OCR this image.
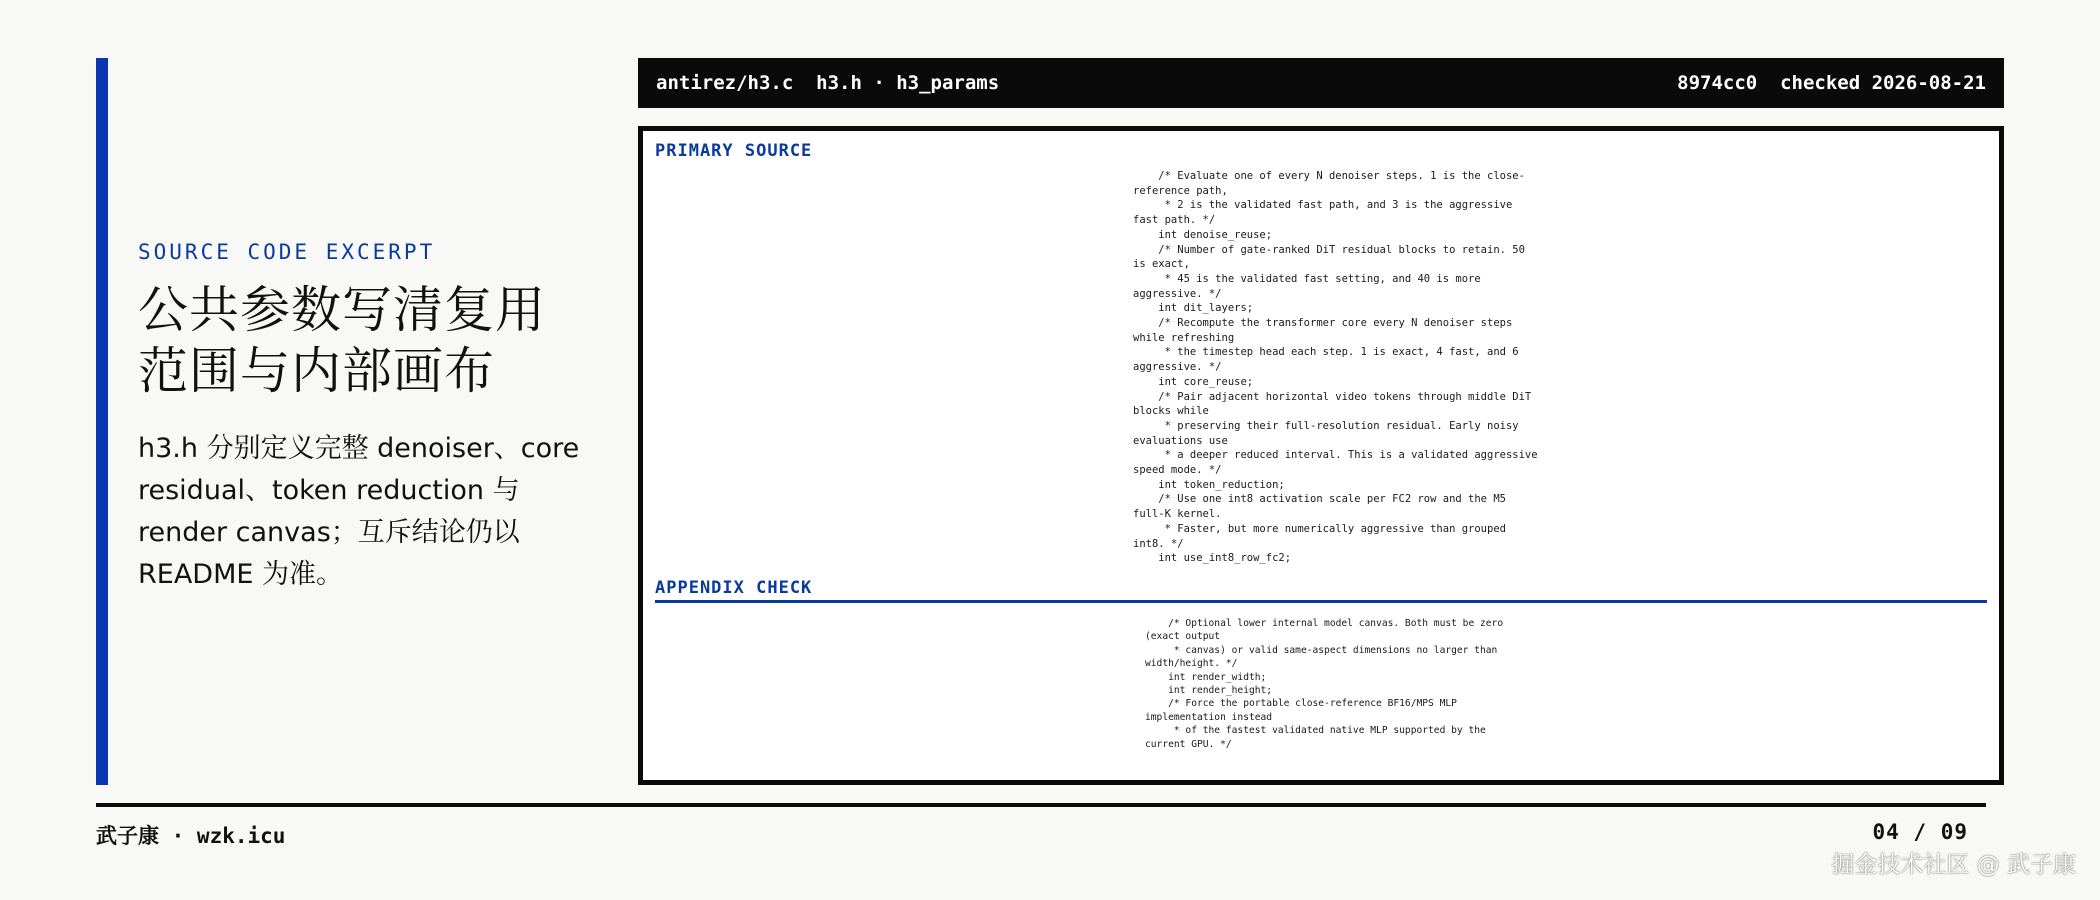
SOURCE CODE EXCERPT
公共参数写清复用
范围与内部画布
h3.h 分别定义完整 denoiser、core residual、token reduction 与 render canvas；互斥结论仍以 README 为准。
antirez/h3.c  h3.h · h3_params	8974cc0  checked 2026-08-21
PRIMARY SOURCE
/* Evaluate one of every N denoiser steps. 1 is the close-
reference path,
* 2 is the validated fast path, and 3 is the aggressive
fast path. */
int denoise_reuse;
/* Number of gate-ranked DiT residual blocks to retain. 50
is exact,
* 45 is the validated fast setting, and 40 is more
aggressive. */
int dit_layers;
/* Recompute the transformer core every N denoiser steps
while refreshing
* the timestep head each step. 1 is exact, 4 fast, and 6
aggressive. */
int core_reuse;
/* Pair adjacent horizontal video tokens through middle DiT
blocks while
* preserving their full-resolution residual. Early noisy
evaluations use
* a deeper reduced interval. This is a validated aggressive
speed mode. */
int token_reduction;
/* Use one int8 activation scale per FC2 row and the M5
full-K kernel.
* Faster, but more numerically aggressive than grouped
int8. */
int use_int8_row_fc2;
APPENDIX CHECK
/* Optional lower internal model canvas. Both must be zero
(exact output
* canvas) or valid same-aspect dimensions no larger than
width/height. */
int render_width;
int render_height;
/* Force the portable close-reference BF16/MPS MLP
implementation instead
* of the fastest validated native MLP supported by the
current GPU. */
武子康 · wzk.icu	04 / 09
掘金技术社区 @ 武子康
